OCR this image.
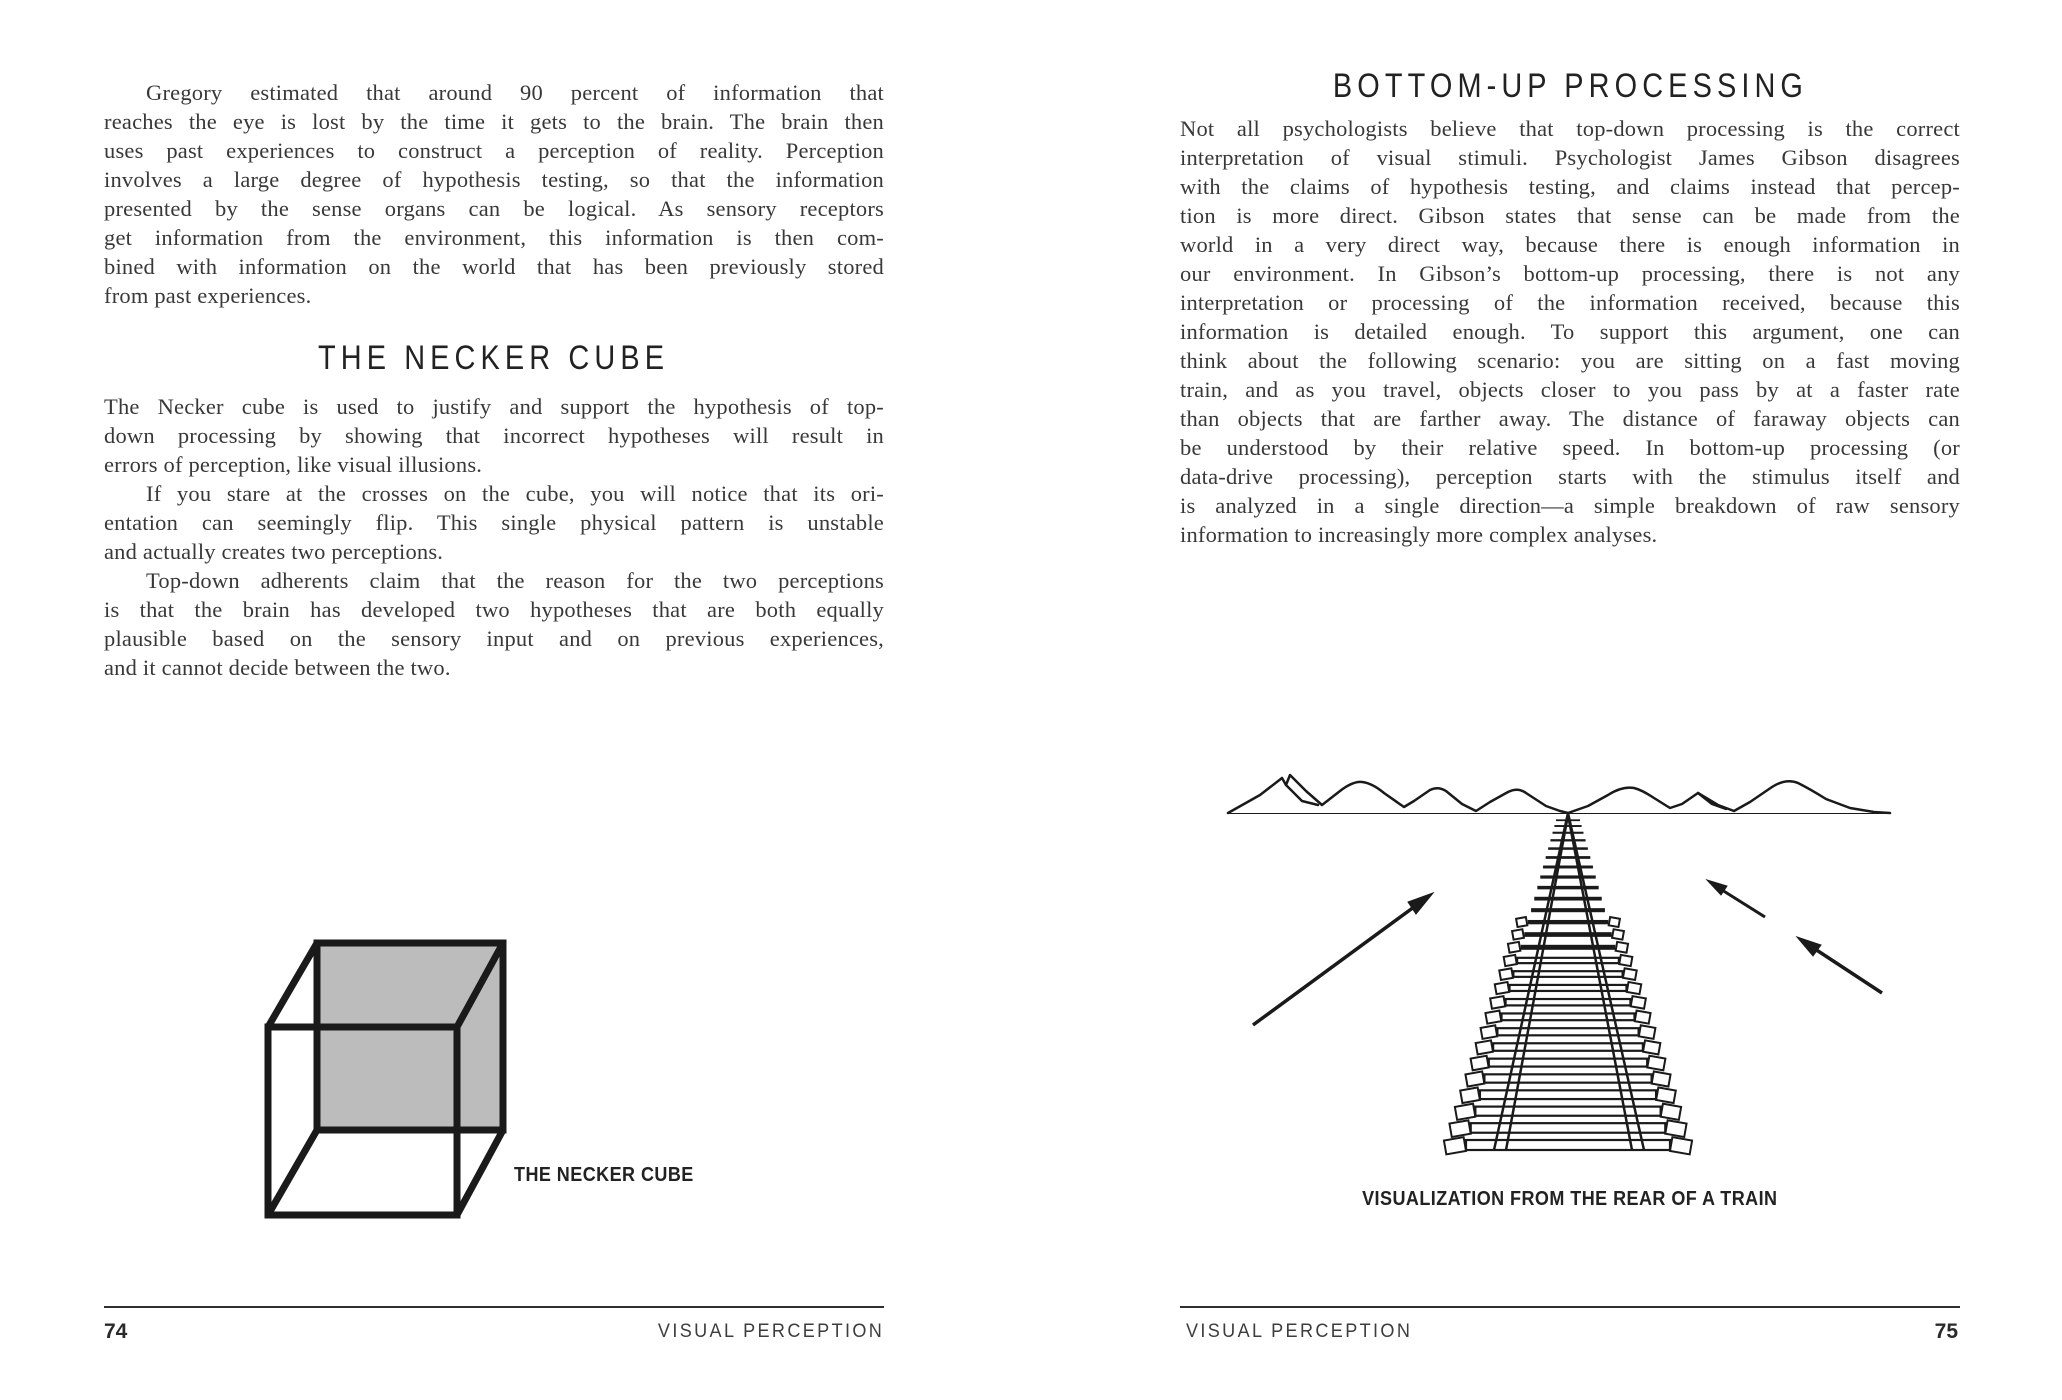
Gregory estimated that around 90 percent of information that
reaches the eye is lost by the time it gets to the brain. The brain then
uses past experiences to construct a perception of reality. Perception
involves a large degree of hypothesis testing, so that the information
presented by the sense organs can be logical. As sensory receptors
get information from the environment, this information is then com-
bined with information on the world that has been previously stored
from past experiences.
THE NECKER CUBE
The Necker cube is used to justify and support the hypothesis of top-
down processing by showing that incorrect hypotheses will result in
errors of perception, like visual illusions.
If you stare at the crosses on the cube, you will notice that its ori-
entation can seemingly flip. This single physical pattern is unstable
and actually creates two perceptions.
Top-down adherents claim that the reason for the two perceptions
is that the brain has developed two hypotheses that are both equally
plausible based on the sensory input and on previous experiences,
and it cannot decide between the two.
THE NECKER CUBE
74	VISUAL PERCEPTION
BOTTOM-UP PROCESSING
Not all psychologists believe that top-down processing is the correct
interpretation of visual stimuli. Psychologist James Gibson disagrees
with the claims of hypothesis testing, and claims instead that percep-
tion is more direct. Gibson states that sense can be made from the
world in a very direct way, because there is enough information in
our environment. In Gibson’s bottom-up processing, there is not any
interpretation or processing of the information received, because this
information is detailed enough. To support this argument, one can
think about the following scenario: you are sitting on a fast moving
train, and as you travel, objects closer to you pass by at a faster rate
than objects that are farther away. The distance of faraway objects can
be understood by their relative speed. In bottom-up processing (or
data-drive processing), perception starts with the stimulus itself and
is analyzed in a single direction—a simple breakdown of raw sensory
information to increasingly more complex analyses.
VISUALIZATION FROM THE REAR OF A TRAIN
VISUAL PERCEPTION	75
